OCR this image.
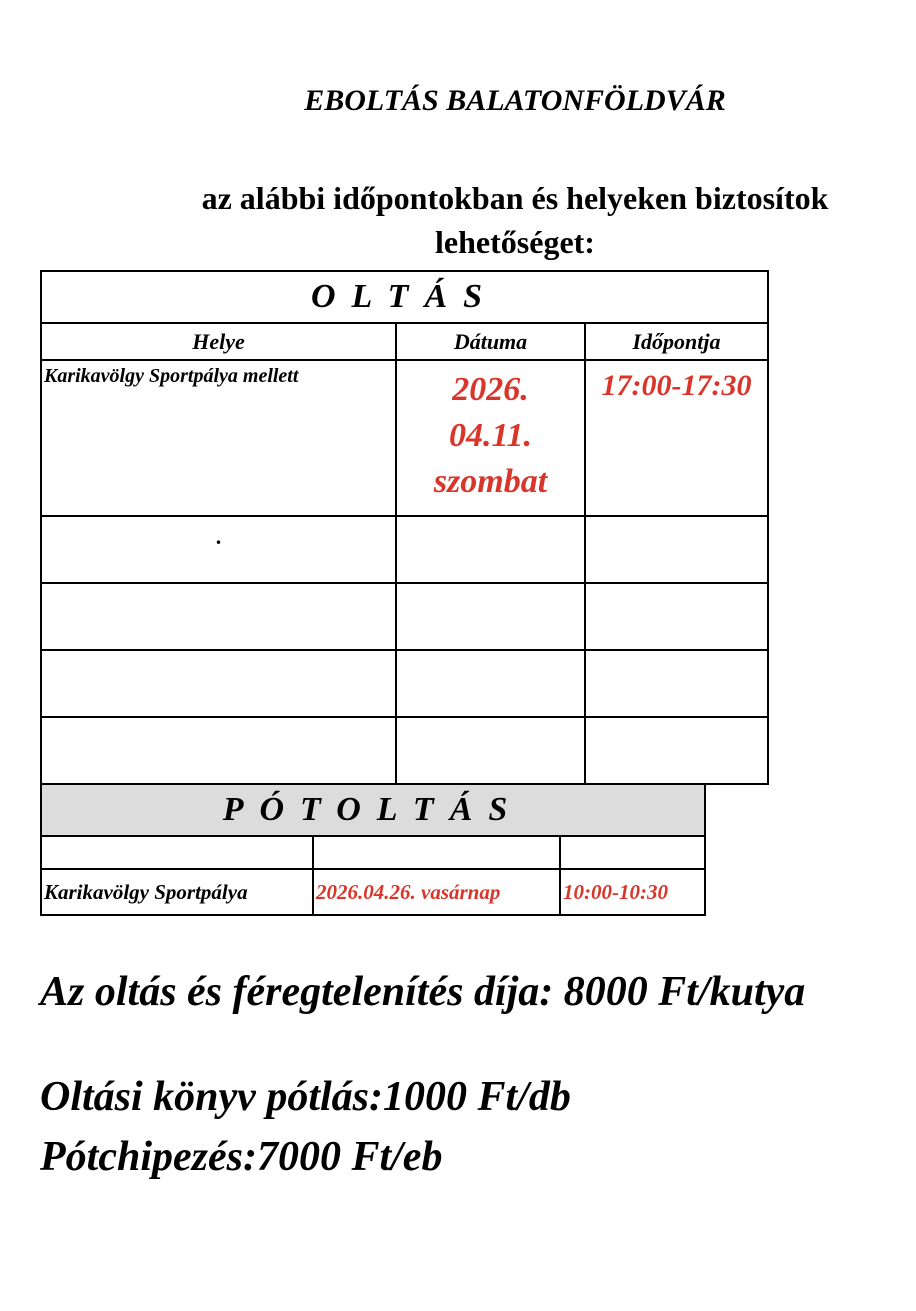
EBOLTÁS BALATONFÖLDVÁR
az alábbi időpontokban és helyeken biztosítok
lehetőséget:
OLTÁS		
Helye	Dátuma	Időpontja
Karikavölgy Sportpálya mellett	2026.
04.11.
szombat	17:00-17:30
.		

PÓTOLTÁS		

Karikavölgy Sportpálya	2026.04.26. vasárnap	10:00-10:30
Az oltás és féregtelenítés díja: 8000 Ft/kutya
Oltási könyv pótlás:1000 Ft/db
Pótchipezés:7000 Ft/eb
